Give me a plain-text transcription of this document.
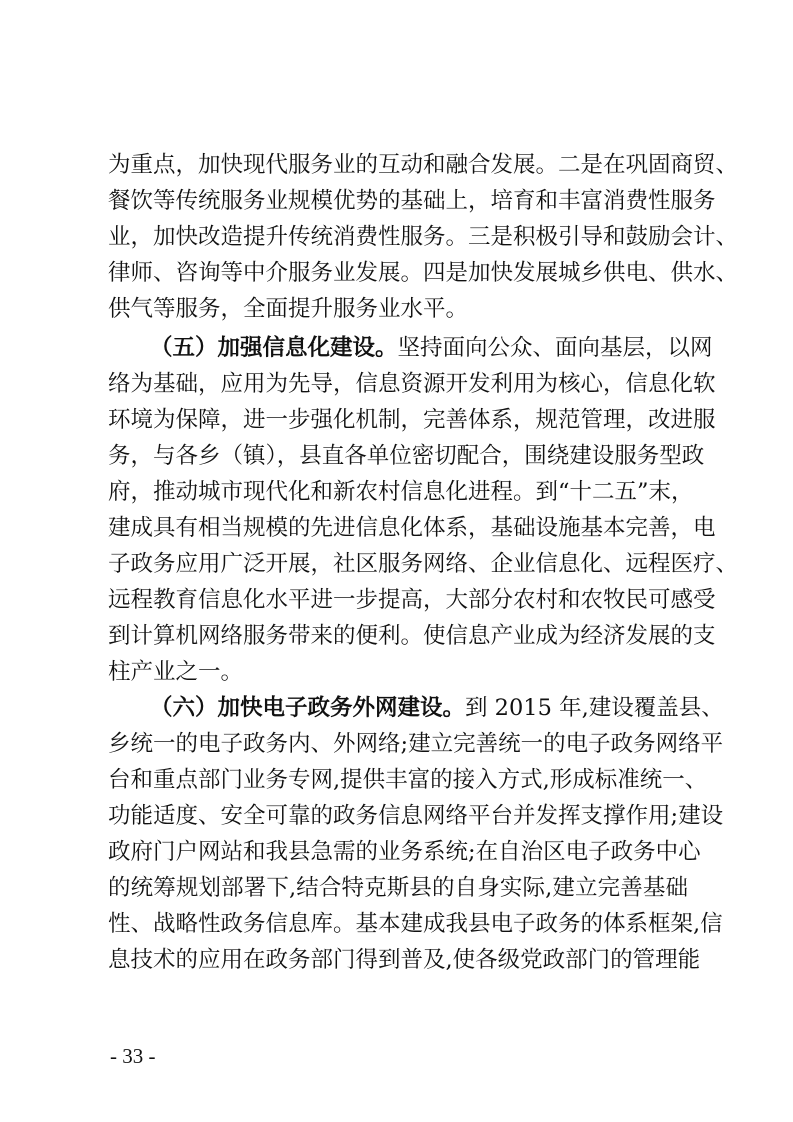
为重点，加快现代服务业的互动和融合发展。二是在巩固商贸、
餐饮等传统服务业规模优势的基础上，培育和丰富消费性服务
业，加快改造提升传统消费性服务。三是积极引导和鼓励会计、
律师、咨询等中介服务业发展。四是加快发展城乡供电、供水、
供气等服务，全面提升服务业水平。
（五）加强信息化建设。坚持面向公众、面向基层，以网
络为基础，应用为先导，信息资源开发利用为核心，信息化软
环境为保障，进一步强化机制，完善体系，规范管理，改进服
务，与各乡（镇），县直各单位密切配合，围绕建设服务型政
府，推动城市现代化和新农村信息化进程。到“十二五”末，
建成具有相当规模的先进信息化体系，基础设施基本完善，电
子政务应用广泛开展，社区服务网络、企业信息化、远程医疗、
远程教育信息化水平进一步提高，大部分农村和农牧民可感受
到计算机网络服务带来的便利。使信息产业成为经济发展的支
柱产业之一。
（六）加快电子政务外网建设。到 2015 年,建设覆盖县、
乡统一的电子政务内、外网络;建立完善统一的电子政务网络平
台和重点部门业务专网,提供丰富的接入方式,形成标准统一、
功能适度、安全可靠的政务信息网络平台并发挥支撑作用;建设
政府门户网站和我县急需的业务系统;在自治区电子政务中心
的统筹规划部署下,结合特克斯县的自身实际,建立完善基础
性、战略性政务信息库。基本建成我县电子政务的体系框架,信
息技术的应用在政务部门得到普及,使各级党政部门的管理能
- 33 -
